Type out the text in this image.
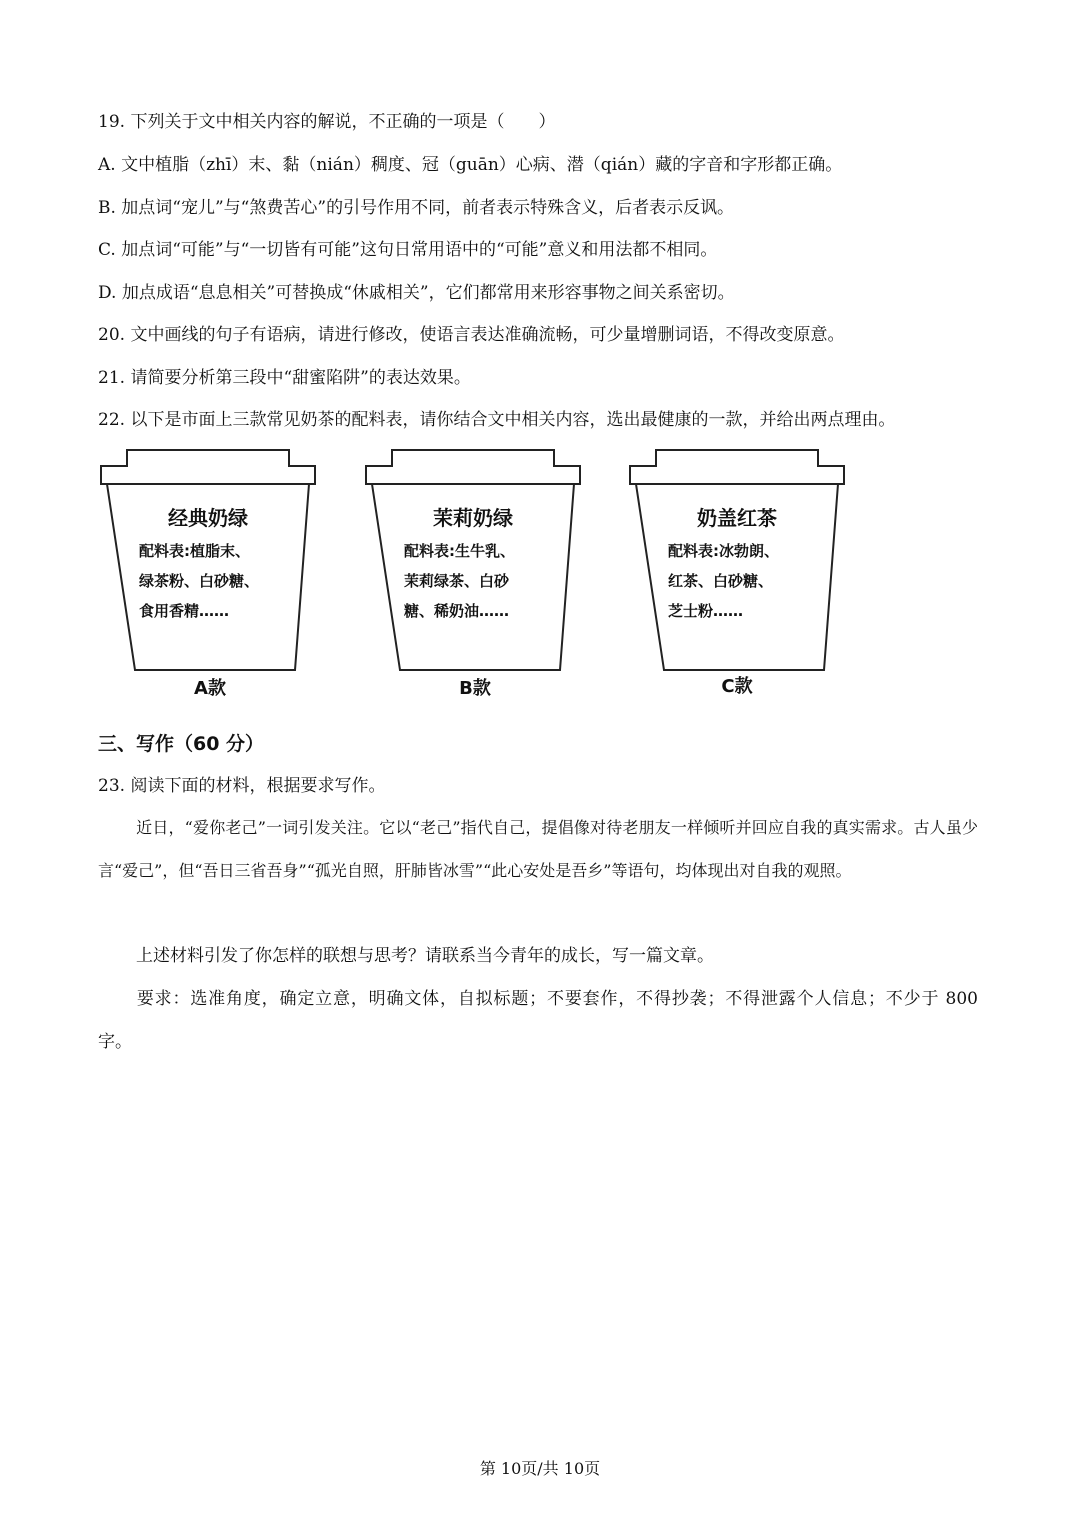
19. 下列关于文中相关内容的解说，不正确的一项是（　　）
A. 文中植脂（zhī）末、黏（nián）稠度、冠（guān）心病、潜（qián）藏的字音和字形都正确。
B. 加点词“宠儿”与“煞费苦心”的引号作用不同，前者表示特殊含义，后者表示反讽。
C. 加点词“可能”与“一切皆有可能”这句日常用语中的“可能”意义和用法都不相同。
D. 加点成语“息息相关”可替换成“休戚相关”，它们都常用来形容事物之间关系密切。
20. 文中画线的句子有语病，请进行修改，使语言表达准确流畅，可少量增删词语，不得改变原意。
21. 请简要分析第三段中“甜蜜陷阱”的表达效果。
22. 以下是市面上三款常见奶茶的配料表，请你结合文中相关内容，选出最健康的一款，并给出两点理由。
经典奶绿
配料表:植脂末、
绿茶粉、白砂糖、
食用香精……
A款
茉莉奶绿
配料表:生牛乳、
茉莉绿茶、白砂
糖、稀奶油……
B款
奶盖红茶
配料表:冰勃朗、
红茶、白砂糖、
芝士粉……
C款
三、写作（60 分）
23. 阅读下面的材料，根据要求写作。
近日，“爱你老己”一词引发关注。它以“老己”指代自己，提倡像对待老朋友一样倾听并回应自我的真实需求。古人虽少言“爱己”，但“吾日三省吾身”“孤光自照，肝肺皆冰雪”“此心安处是吾乡”等语句，均体现出对自我的观照。
上述材料引发了你怎样的联想与思考？请联系当今青年的成长，写一篇文章。
要求：选准角度，确定立意，明确文体，自拟标题；不要套作，不得抄袭；不得泄露个人信息；不少于 800 字。
第 10页/共 10页
